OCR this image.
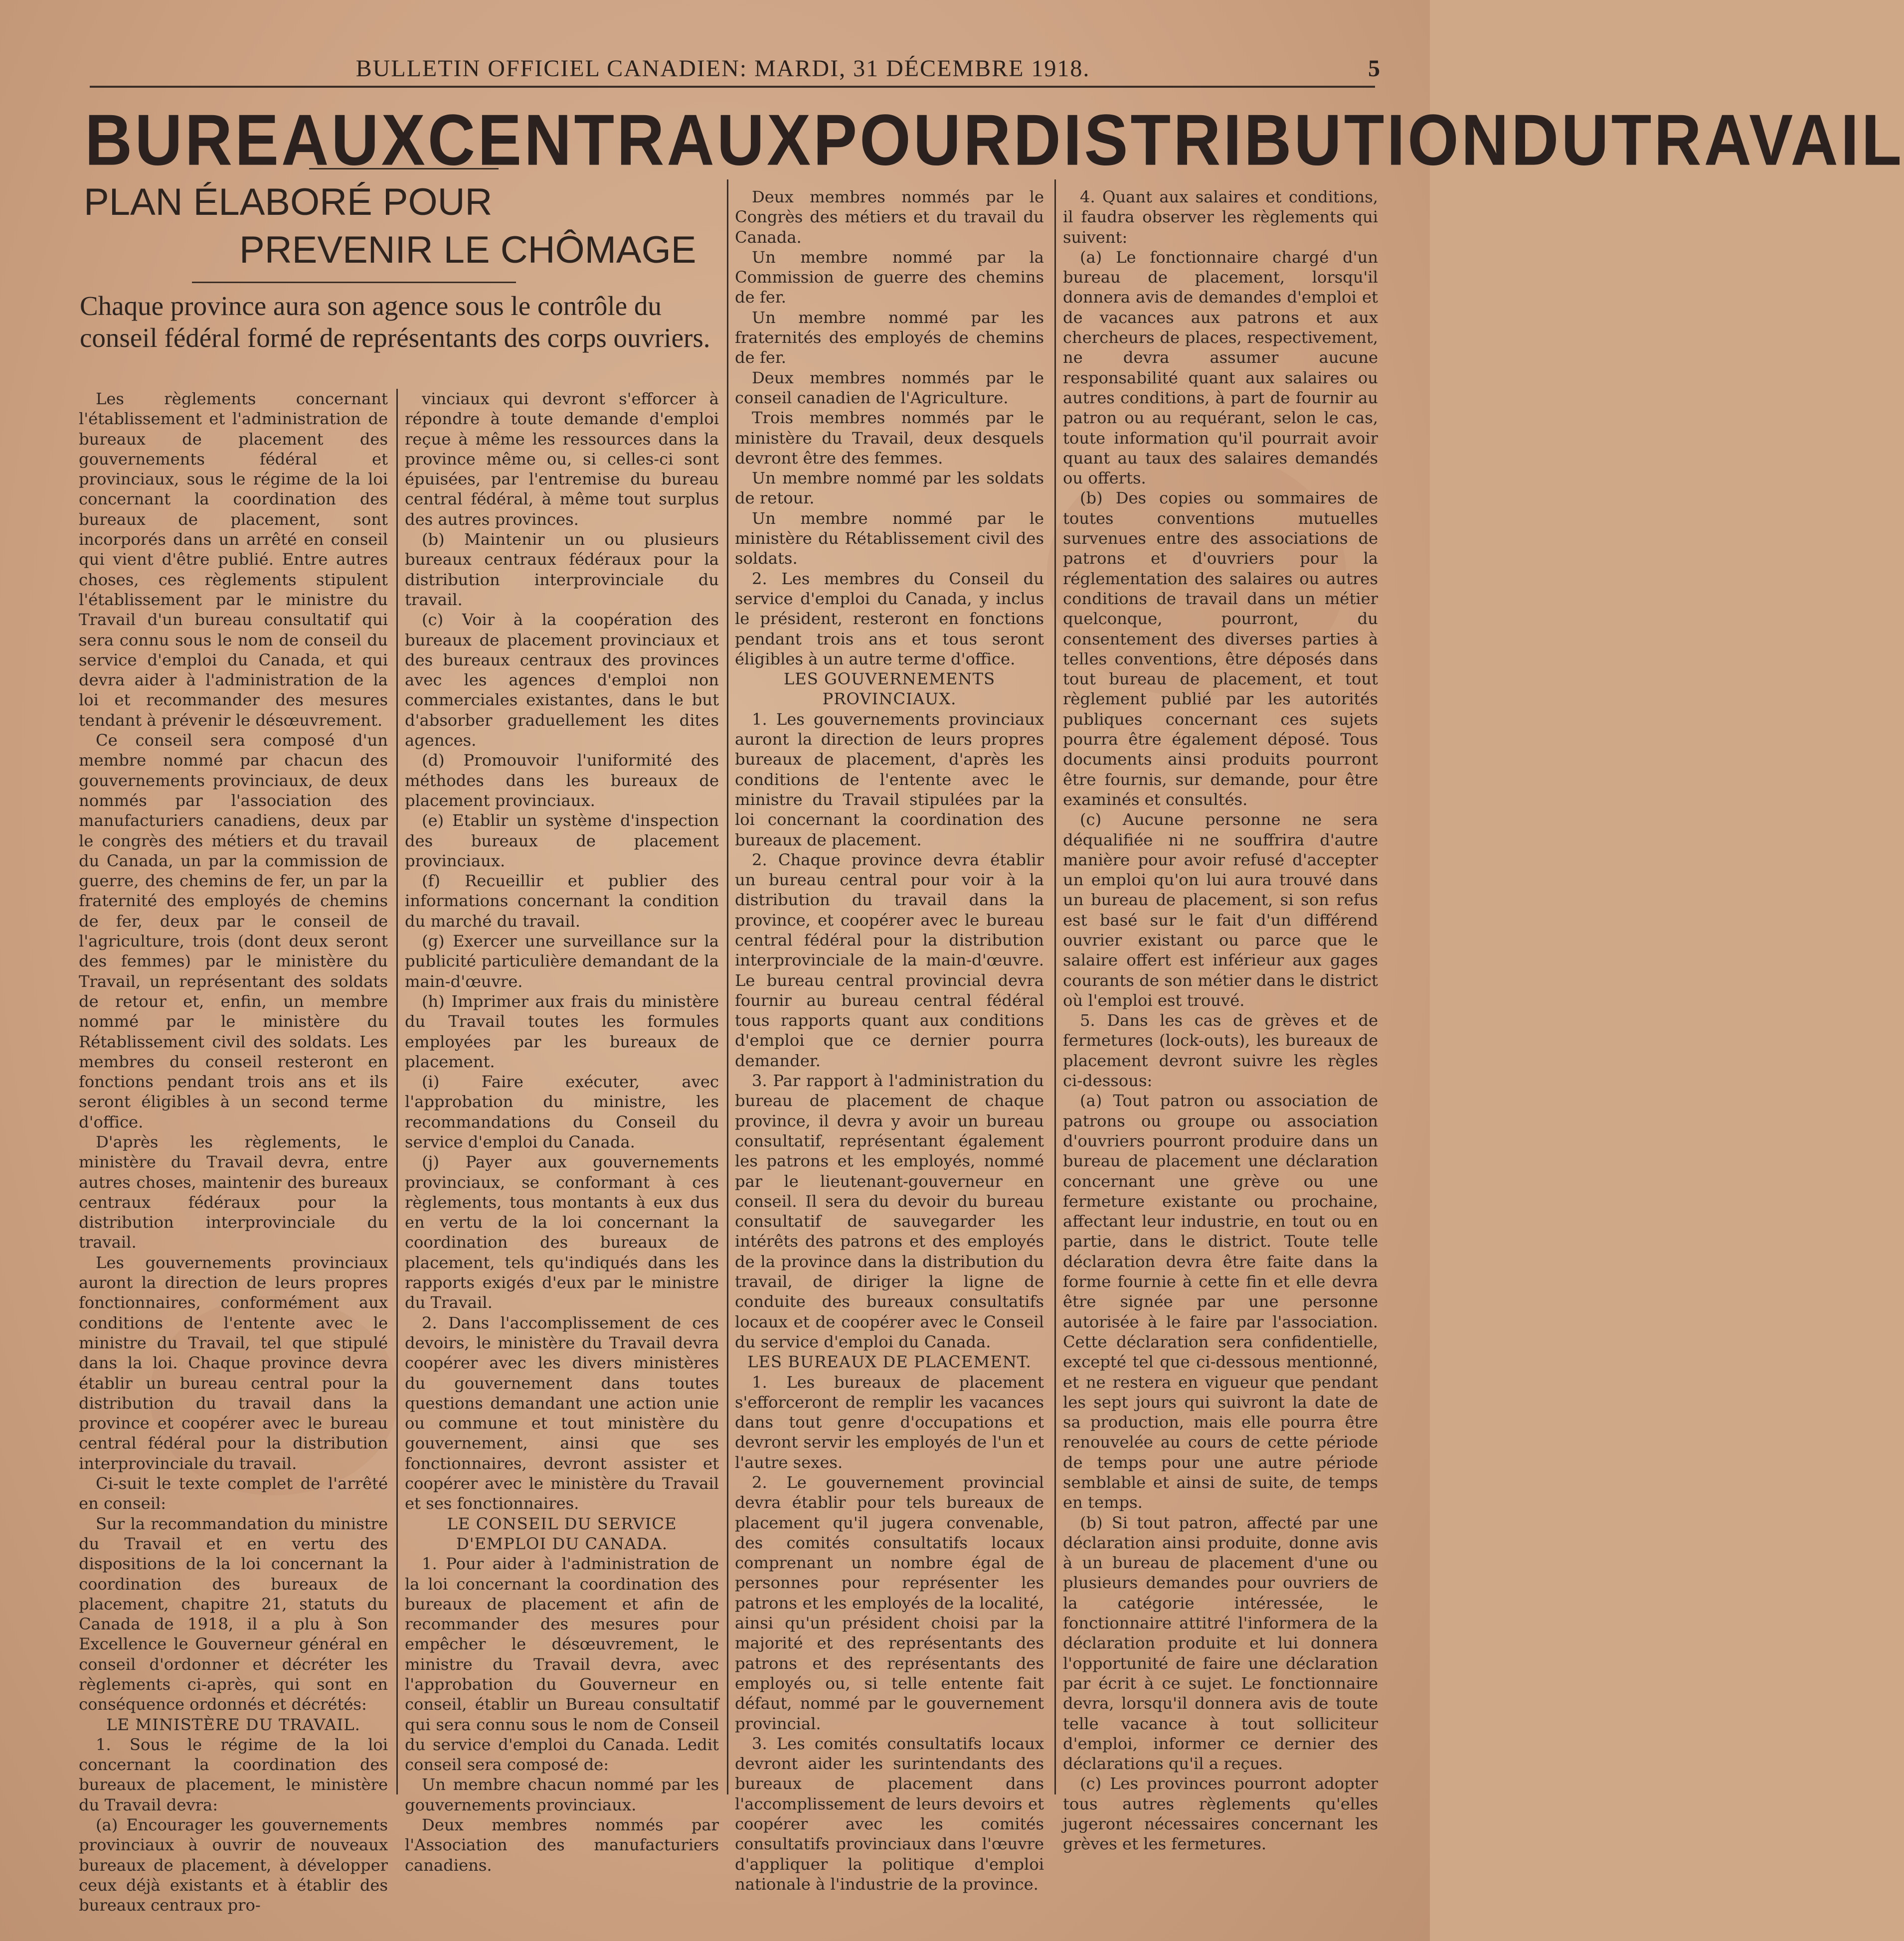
BULLETIN OFFICIEL CANADIEN: MARDI, 31 DÉCEMBRE 1918.	5
BUREAUX CENTRAUX POUR DISTRIBUTION DU TRAVAIL
PLAN ÉLABORÉ POUR
PREVENIR LE CHÔMAGE
Chaque province aura son agence sous le contrôle du conseil fédéral formé de représentants des corps ouvriers.

Les règlements concernant l'établissement et l'administration de bureaux de placement des gouvernements fédéral et provinciaux, sous le régime de la loi concernant la coordination des bureaux de placement, sont incorporés dans un arrêté en conseil qui vient d'être publié. Entre autres choses, ces règlements stipulent l'établissement par le ministre du Travail d'un bureau consultatif qui sera connu sous le nom de conseil du service d'emploi du Canada, et qui devra aider à l'administration de la loi et recommander des mesures tendant à prévenir le désœuvrement.

Ce conseil sera composé d'un membre nommé par chacun des gouvernements provinciaux, de deux nommés par l'association des manufacturiers canadiens, deux par le congrès des métiers et du travail du Canada, un par la commission de guerre, des chemins de fer, un par la fraternité des employés de chemins de fer, deux par le conseil de l'agriculture, trois (dont deux seront des femmes) par le ministère du Travail, un représentant des soldats de retour et, enfin, un membre nommé par le ministère du Rétablissement civil des soldats. Les membres du conseil resteront en fonctions pendant trois ans et ils seront éligibles à un second terme d'office.

D'après les règlements, le ministère du Travail devra, entre autres choses, maintenir des bureaux centraux fédéraux pour la distribution interprovinciale du travail.

Les gouvernements provinciaux auront la direction de leurs propres fonctionnaires, conformément aux conditions de l'entente avec le ministre du Travail, tel que stipulé dans la loi. Chaque province devra établir un bureau central pour la distribution du travail dans la province et coopérer avec le bureau central fédéral pour la distribution interprovinciale du travail.

Ci-suit le texte complet de l'arrêté en conseil:

Sur la recommandation du ministre du Travail et en vertu des dispositions de la loi concernant la coordination des bureaux de placement, chapitre 21, statuts du Canada de 1918, il a plu à Son Excellence le Gouverneur général en conseil d'ordonner et décréter les règlements ci-après, qui sont en conséquence ordonnés et décrétés:

LE MINISTÈRE DU TRAVAIL.

1. Sous le régime de la loi concernant la coordination des bureaux de placement, le ministère du Travail devra:

(a) Encourager les gouvernements provinciaux à ouvrir de nouveaux bureaux de placement, à développer ceux déjà existants et à établir des bureaux centraux pro-

vinciaux qui devront s'efforcer à répondre à toute demande d'emploi reçue à même les ressources dans la province même ou, si celles-ci sont épuisées, par l'entremise du bureau central fédéral, à même tout surplus des autres provinces.

(b) Maintenir un ou plusieurs bureaux centraux fédéraux pour la distribution interprovinciale du travail.

(c) Voir à la coopération des bureaux de placement provinciaux et des bureaux centraux des provinces avec les agences d'emploi non commerciales existantes, dans le but d'absorber graduellement les dites agences.

(d) Promouvoir l'uniformité des méthodes dans les bureaux de placement provinciaux.

(e) Etablir un système d'inspection des bureaux de placement provinciaux.

(f) Recueillir et publier des informations concernant la condition du marché du travail.

(g) Exercer une surveillance sur la publicité particulière demandant de la main-d'œuvre.

(h) Imprimer aux frais du ministère du Travail toutes les formules employées par les bureaux de placement.

(i) Faire exécuter, avec l'approbation du ministre, les recommandations du Conseil du service d'emploi du Canada.

(j) Payer aux gouvernements provinciaux, se conformant à ces règlements, tous montants à eux dus en vertu de la loi concernant la coordination des bureaux de placement, tels qu'indiqués dans les rapports exigés d'eux par le ministre du Travail.

2. Dans l'accomplissement de ces devoirs, le ministère du Travail devra coopérer avec les divers ministères du gouvernement dans toutes questions demandant une action unie ou commune et tout ministère du gouvernement, ainsi que ses fonctionnaires, devront assister et coopérer avec le ministère du Travail et ses fonctionnaires.

LE CONSEIL DU SERVICE D'EMPLOI DU CANADA.

1. Pour aider à l'administration de la loi concernant la coordination des bureaux de placement et afin de recommander des mesures pour empêcher le désœuvrement, le ministre du Travail devra, avec l'approbation du Gouverneur en conseil, établir un Bureau consultatif qui sera connu sous le nom de Conseil du service d'emploi du Canada. Ledit conseil sera composé de:

Un membre chacun nommé par les gouvernements provinciaux.

Deux membres nommés par l'Association des manufacturiers canadiens.

Deux membres nommés par le Congrès des métiers et du travail du Canada.

Un membre nommé par la Commission de guerre des chemins de fer.

Un membre nommé par les fraternités des employés de chemins de fer.

Deux membres nommés par le conseil canadien de l'Agriculture.

Trois membres nommés par le ministère du Travail, deux desquels devront être des femmes.

Un membre nommé par les soldats de retour.

Un membre nommé par le ministère du Rétablissement civil des soldats.

2. Les membres du Conseil du service d'emploi du Canada, y inclus le président, resteront en fonctions pendant trois ans et tous seront éligibles à un autre terme d'office.

LES GOUVERNEMENTS PROVINCIAUX.

1. Les gouvernements provinciaux auront la direction de leurs propres bureaux de placement, d'après les conditions de l'entente avec le ministre du Travail stipulées par la loi concernant la coordination des bureaux de placement.

2. Chaque province devra établir un bureau central pour voir à la distribution du travail dans la province, et coopérer avec le bureau central fédéral pour la distribution interprovinciale de la main-d'œuvre. Le bureau central provincial devra fournir au bureau central fédéral tous rapports quant aux conditions d'emploi que ce dernier pourra demander.

3. Par rapport à l'administration du bureau de placement de chaque province, il devra y avoir un bureau consultatif, représentant également les patrons et les employés, nommé par le lieutenant-gouverneur en conseil. Il sera du devoir du bureau consultatif de sauvegarder les intérêts des patrons et des employés de la province dans la distribution du travail, de diriger la ligne de conduite des bureaux consultatifs locaux et de coopérer avec le Conseil du service d'emploi du Canada.

LES BUREAUX DE PLACEMENT.

1. Les bureaux de placement s'efforceront de remplir les vacances dans tout genre d'occupations et devront servir les employés de l'un et l'autre sexes.

2. Le gouvernement provincial devra établir pour tels bureaux de placement qu'il jugera convenable, des comités consultatifs locaux comprenant un nombre égal de personnes pour représenter les patrons et les employés de la localité, ainsi qu'un président choisi par la majorité et des représentants des patrons et des représentants des employés ou, si telle entente fait défaut, nommé par le gouvernement provincial.

3. Les comités consultatifs locaux devront aider les surintendants des bureaux de placement dans l'accomplissement de leurs devoirs et coopérer avec les comités consultatifs provinciaux dans l'œuvre d'appliquer la politique d'emploi nationale à l'industrie de la province.

4. Quant aux salaires et conditions, il faudra observer les règlements qui suivent:

(a) Le fonctionnaire chargé d'un bureau de placement, lorsqu'il donnera avis de demandes d'emploi et de vacances aux patrons et aux chercheurs de places, respectivement, ne devra assumer aucune responsabilité quant aux salaires ou autres conditions, à part de fournir au patron ou au requérant, selon le cas, toute information qu'il pourrait avoir quant au taux des salaires demandés ou offerts.

(b) Des copies ou sommaires de toutes conventions mutuelles survenues entre des associations de patrons et d'ouvriers pour la réglementation des salaires ou autres conditions de travail dans un métier quelconque, pourront, du consentement des diverses parties à telles conventions, être déposés dans tout bureau de placement, et tout règlement publié par les autorités publiques concernant ces sujets pourra être également déposé. Tous documents ainsi produits pourront être fournis, sur demande, pour être examinés et consultés.

(c) Aucune personne ne sera déqualifiée ni ne souffrira d'autre manière pour avoir refusé d'accepter un emploi qu'on lui aura trouvé dans un bureau de placement, si son refus est basé sur le fait d'un différend ouvrier existant ou parce que le salaire offert est inférieur aux gages courants de son métier dans le district où l'emploi est trouvé.

5. Dans les cas de grèves et de fermetures (lock-outs), les bureaux de placement devront suivre les règles ci-dessous:

(a) Tout patron ou association de patrons ou groupe ou association d'ouvriers pourront produire dans un bureau de placement une déclaration concernant une grève ou une fermeture existante ou prochaine, affectant leur industrie, en tout ou en partie, dans le district. Toute telle déclaration devra être faite dans la forme fournie à cette fin et elle devra être signée par une personne autorisée à le faire par l'association. Cette déclaration sera confidentielle, excepté tel que ci-dessous mentionné, et ne restera en vigueur que pendant les sept jours qui suivront la date de sa production, mais elle pourra être renouvelée au cours de cette période de temps pour une autre période semblable et ainsi de suite, de temps en temps.

(b) Si tout patron, affecté par une déclaration ainsi produite, donne avis à un bureau de placement d'une ou plusieurs demandes pour ouvriers de la catégorie intéressée, le fonctionnaire attitré l'informera de la déclaration produite et lui donnera l'opportunité de faire une déclaration par écrit à ce sujet. Le fonctionnaire devra, lorsqu'il donnera avis de toute telle vacance à tout solliciteur d'emploi, informer ce dernier des déclarations qu'il a reçues.

(c) Les provinces pourront adopter tous autres règlements qu'elles jugeront nécessaires concernant les grèves et les fermetures.
